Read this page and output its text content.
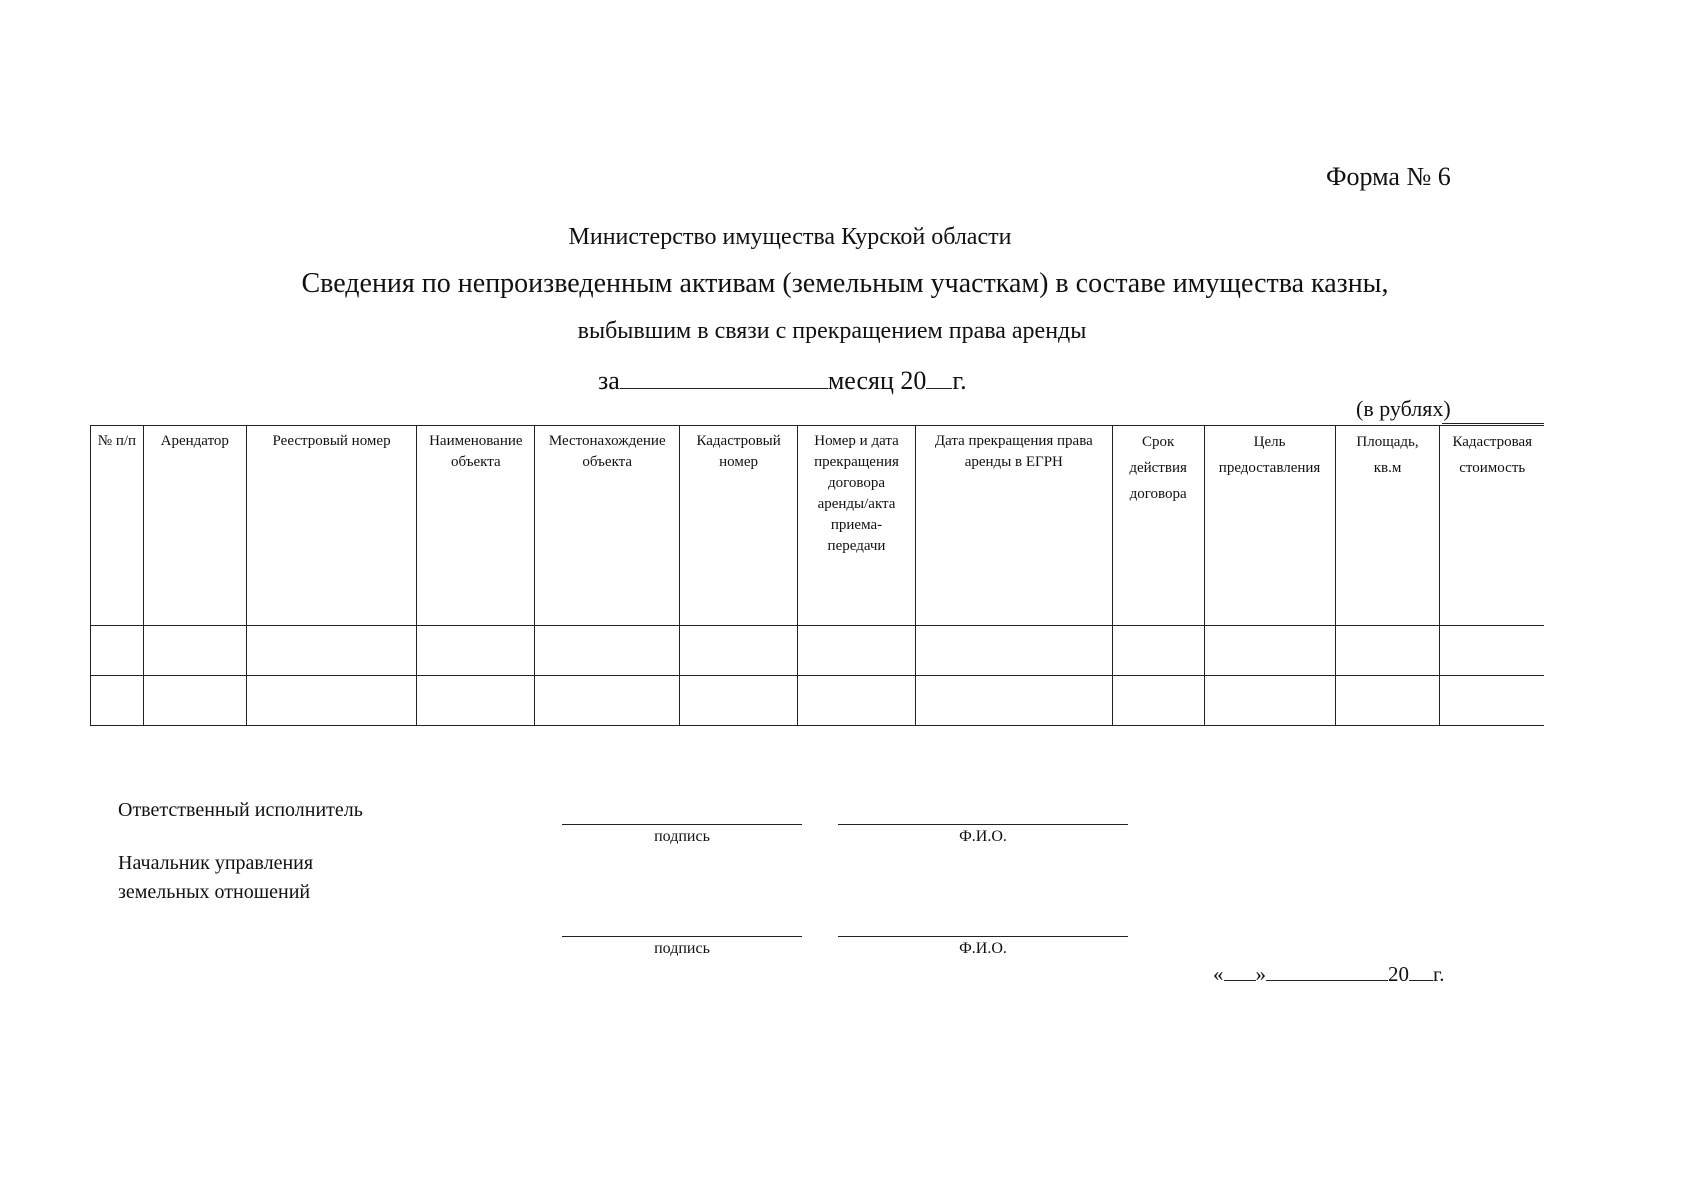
Форма № 6
Министерство имущества Курской области
Сведения по непроизведенным активам (земельным участкам) в составе имущества казны,
выбывшим в связи с прекращением права аренды
за	месяц 20 г.
(в рублях)
№ п/п	Арендатор	Реестровый номер	Наименование объекта	Местонахождение объекта	Кадастровый номер	Номер и дата прекращения договора аренды/акта приема-передачи	Дата прекращения права аренды в ЕГРН	Срок действия договора	Цель предоставления	Площадь, кв.м	Кадастровая стоимость

Ответственный исполнитель
подпись	Ф.И.О.
Начальник управления
земельных отношений
подпись	Ф.И.О.
« »	20 г.
